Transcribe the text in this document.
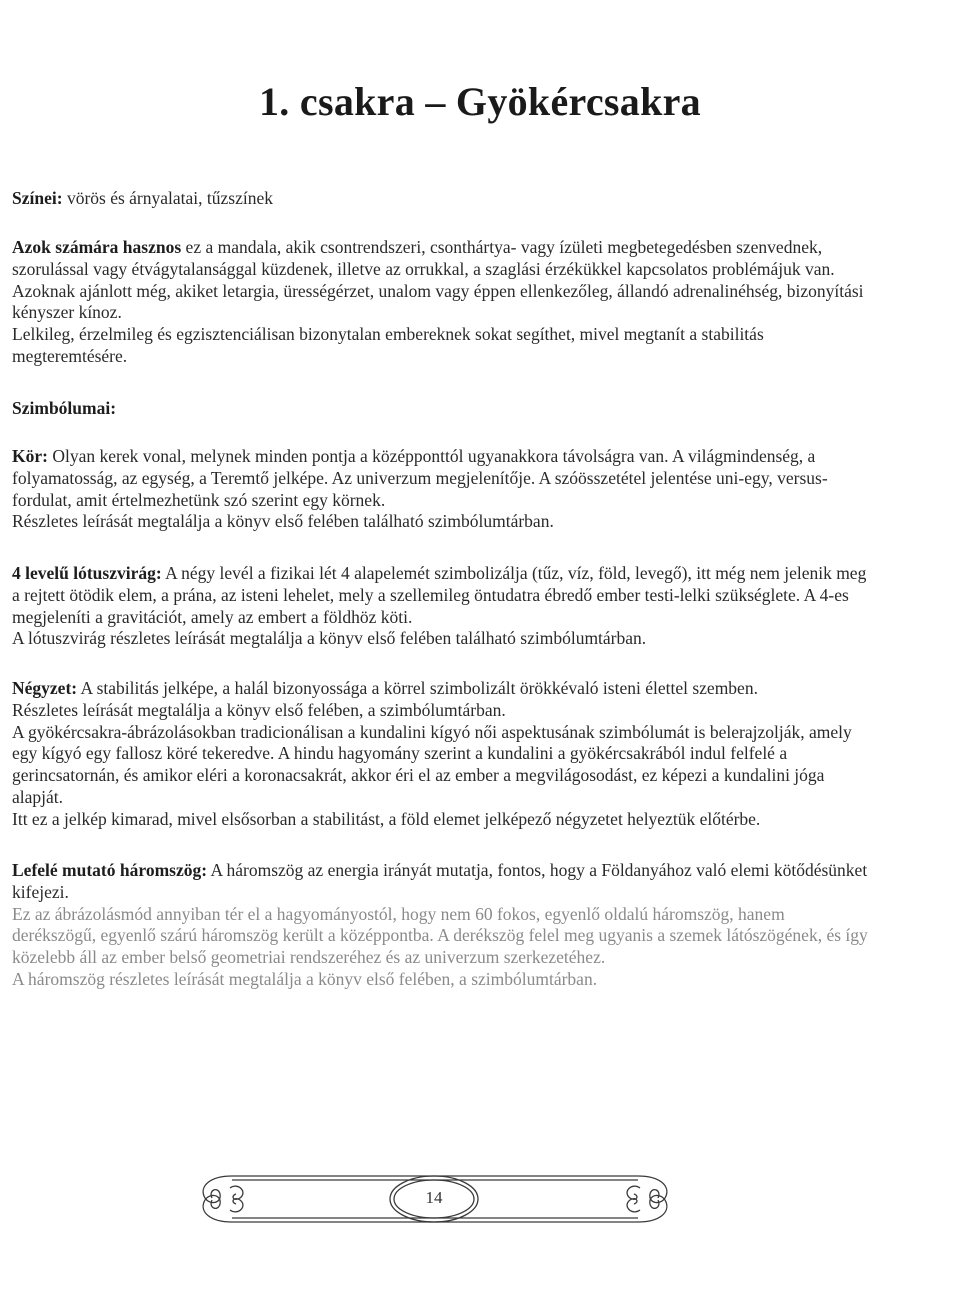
1. csakra – Gyökércsakra

Színei: vörös és árnyalatai, tűzszínek

Azok számára hasznos ez a mandala, akik csontrendszeri, csonthártya- vagy ízületi megbetegedésben szenvednek, szorulással vagy étvágytalansággal küzdenek, illetve az orrukkal, a szaglási érzékükkel kapcsolatos problémájuk van. Azoknak ajánlott még, akiket letargia, ürességérzet, unalom vagy éppen ellenkezőleg, állandó adrenalinéhség, bizonyítási kényszer kínoz.

Lelkileg, érzelmileg és egzisztenciálisan bizonytalan embereknek sokat segíthet, mivel megtanít a stabilitás megteremtésére.

Szimbólumai:

Kör: Olyan kerek vonal, melynek minden pontja a középponttól ugyanakkora távolságra van. A világmindenség, a folyamatosság, az egység, a Teremtő jelképe. Az univerzum megjelenítője. A szóösszetétel jelentése uni-egy, versus-fordulat, amit értelmezhetünk szó szerint egy körnek.

Részletes leírását megtalálja a könyv első felében található szimbólumtárban.

4 levelű lótuszvirág: A négy levél a fizikai lét 4 alapelemét szimbolizálja (tűz, víz, föld, levegő), itt még nem jelenik meg a rejtett ötödik elem, a prána, az isteni lehelet, mely a szellemileg öntudatra ébredő ember testi-lelki szükséglete. A 4-es megjeleníti a gravitációt, amely az embert a földhöz köti.

A lótuszvirág részletes leírását megtalálja a könyv első felében található szimbólumtárban.

Négyzet: A stabilitás jelképe, a halál bizonyossága a körrel szimbolizált örökkévaló isteni élettel szemben.

Részletes leírását megtalálja a könyv első felében, a szimbólumtárban.

A gyökércsakra-ábrázolásokban tradicionálisan a kundalini kígyó női aspektusának szimbólumát is belerajzolják, amely egy kígyó egy fallosz köré tekeredve. A hindu hagyomány szerint a kundalini a gyökércsakrából indul felfelé a gerincsatornán, és amikor eléri a koronacsakrát, akkor éri el az ember a megvilágosodást, ez képezi a kundalini jóga alapját.

Itt ez a jelkép kimarad, mivel elsősorban a stabilitást, a föld elemet jelképező négyzetet helyeztük előtérbe.

Lefelé mutató háromszög: A háromszög az energia irányát mutatja, fontos, hogy a Földanyához való elemi kötődésünket kifejezi.

Ez az ábrázolásmód annyiban tér el a hagyományostól, hogy nem 60 fokos, egyenlő oldalú háromszög, hanem derékszögű, egyenlő szárú háromszög került a középpontba. A derékszög felel meg ugyanis a szemek látószögének, és így közelebb áll az ember belső geometriai rendszeréhez és az univerzum szerkezetéhez.

A háromszög részletes leírását megtalálja a könyv első felében, a szimbólumtárban.

14
